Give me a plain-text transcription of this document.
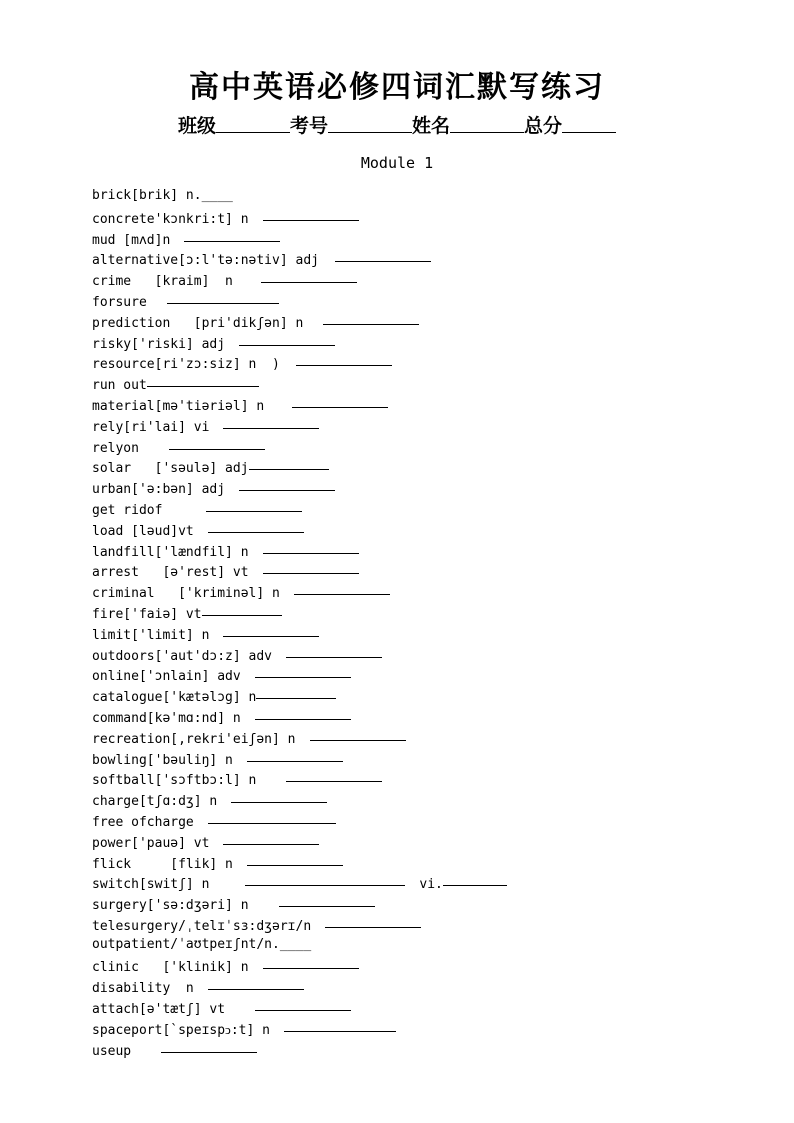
高中英语必修四词汇默写练习
班级	考号	姓名	总分
Module 1
brick[brik] n.____
concrete'kɔnkri:t] n
mud [mʌd]n
alternative[ɔ:l'tə:nətiv] adj
crime   [kraim]  n
forsure
prediction   [pri'dikʃən] n
risky['riski] adj
resource[ri'zɔ:siz] n  )
run out
material[mə'tiəriəl] n
rely[ri'lai] vi
relyon
solar   ['səulə] adj
urban['ə:bən] adj
get ridof
load [ləud]vt
landfill['lændfil] n
arrest   [ə'rest] vt
criminal   ['kriminəl] n
fire['faiə] vt
limit['limit] n
outdoors['aut'dɔ:z] adv
online['ɔnlain] adv
catalogue['kætəlɔg] n
command[kə'mɑ:nd] n
recreation[,rekri'eiʃən] n
bowling['bəuliŋ] n
softball['sɔftbɔ:l] n
charge[tʃɑ:dʒ] n
free ofcharge
power['pauə] vt
flick     [flik] n
switch[switʃ] n	vi.
surgery['sə:dʒəri] n
telesurgery/ˌtelɪˈsɜ:dʒərɪ/n
outpatient/ˈaʊtpeɪʃnt/n.____
clinic   ['klinik] n
disability  n
attach[ə'tætʃ] vt
spaceport[`speɪspↄ:t] n
useup
